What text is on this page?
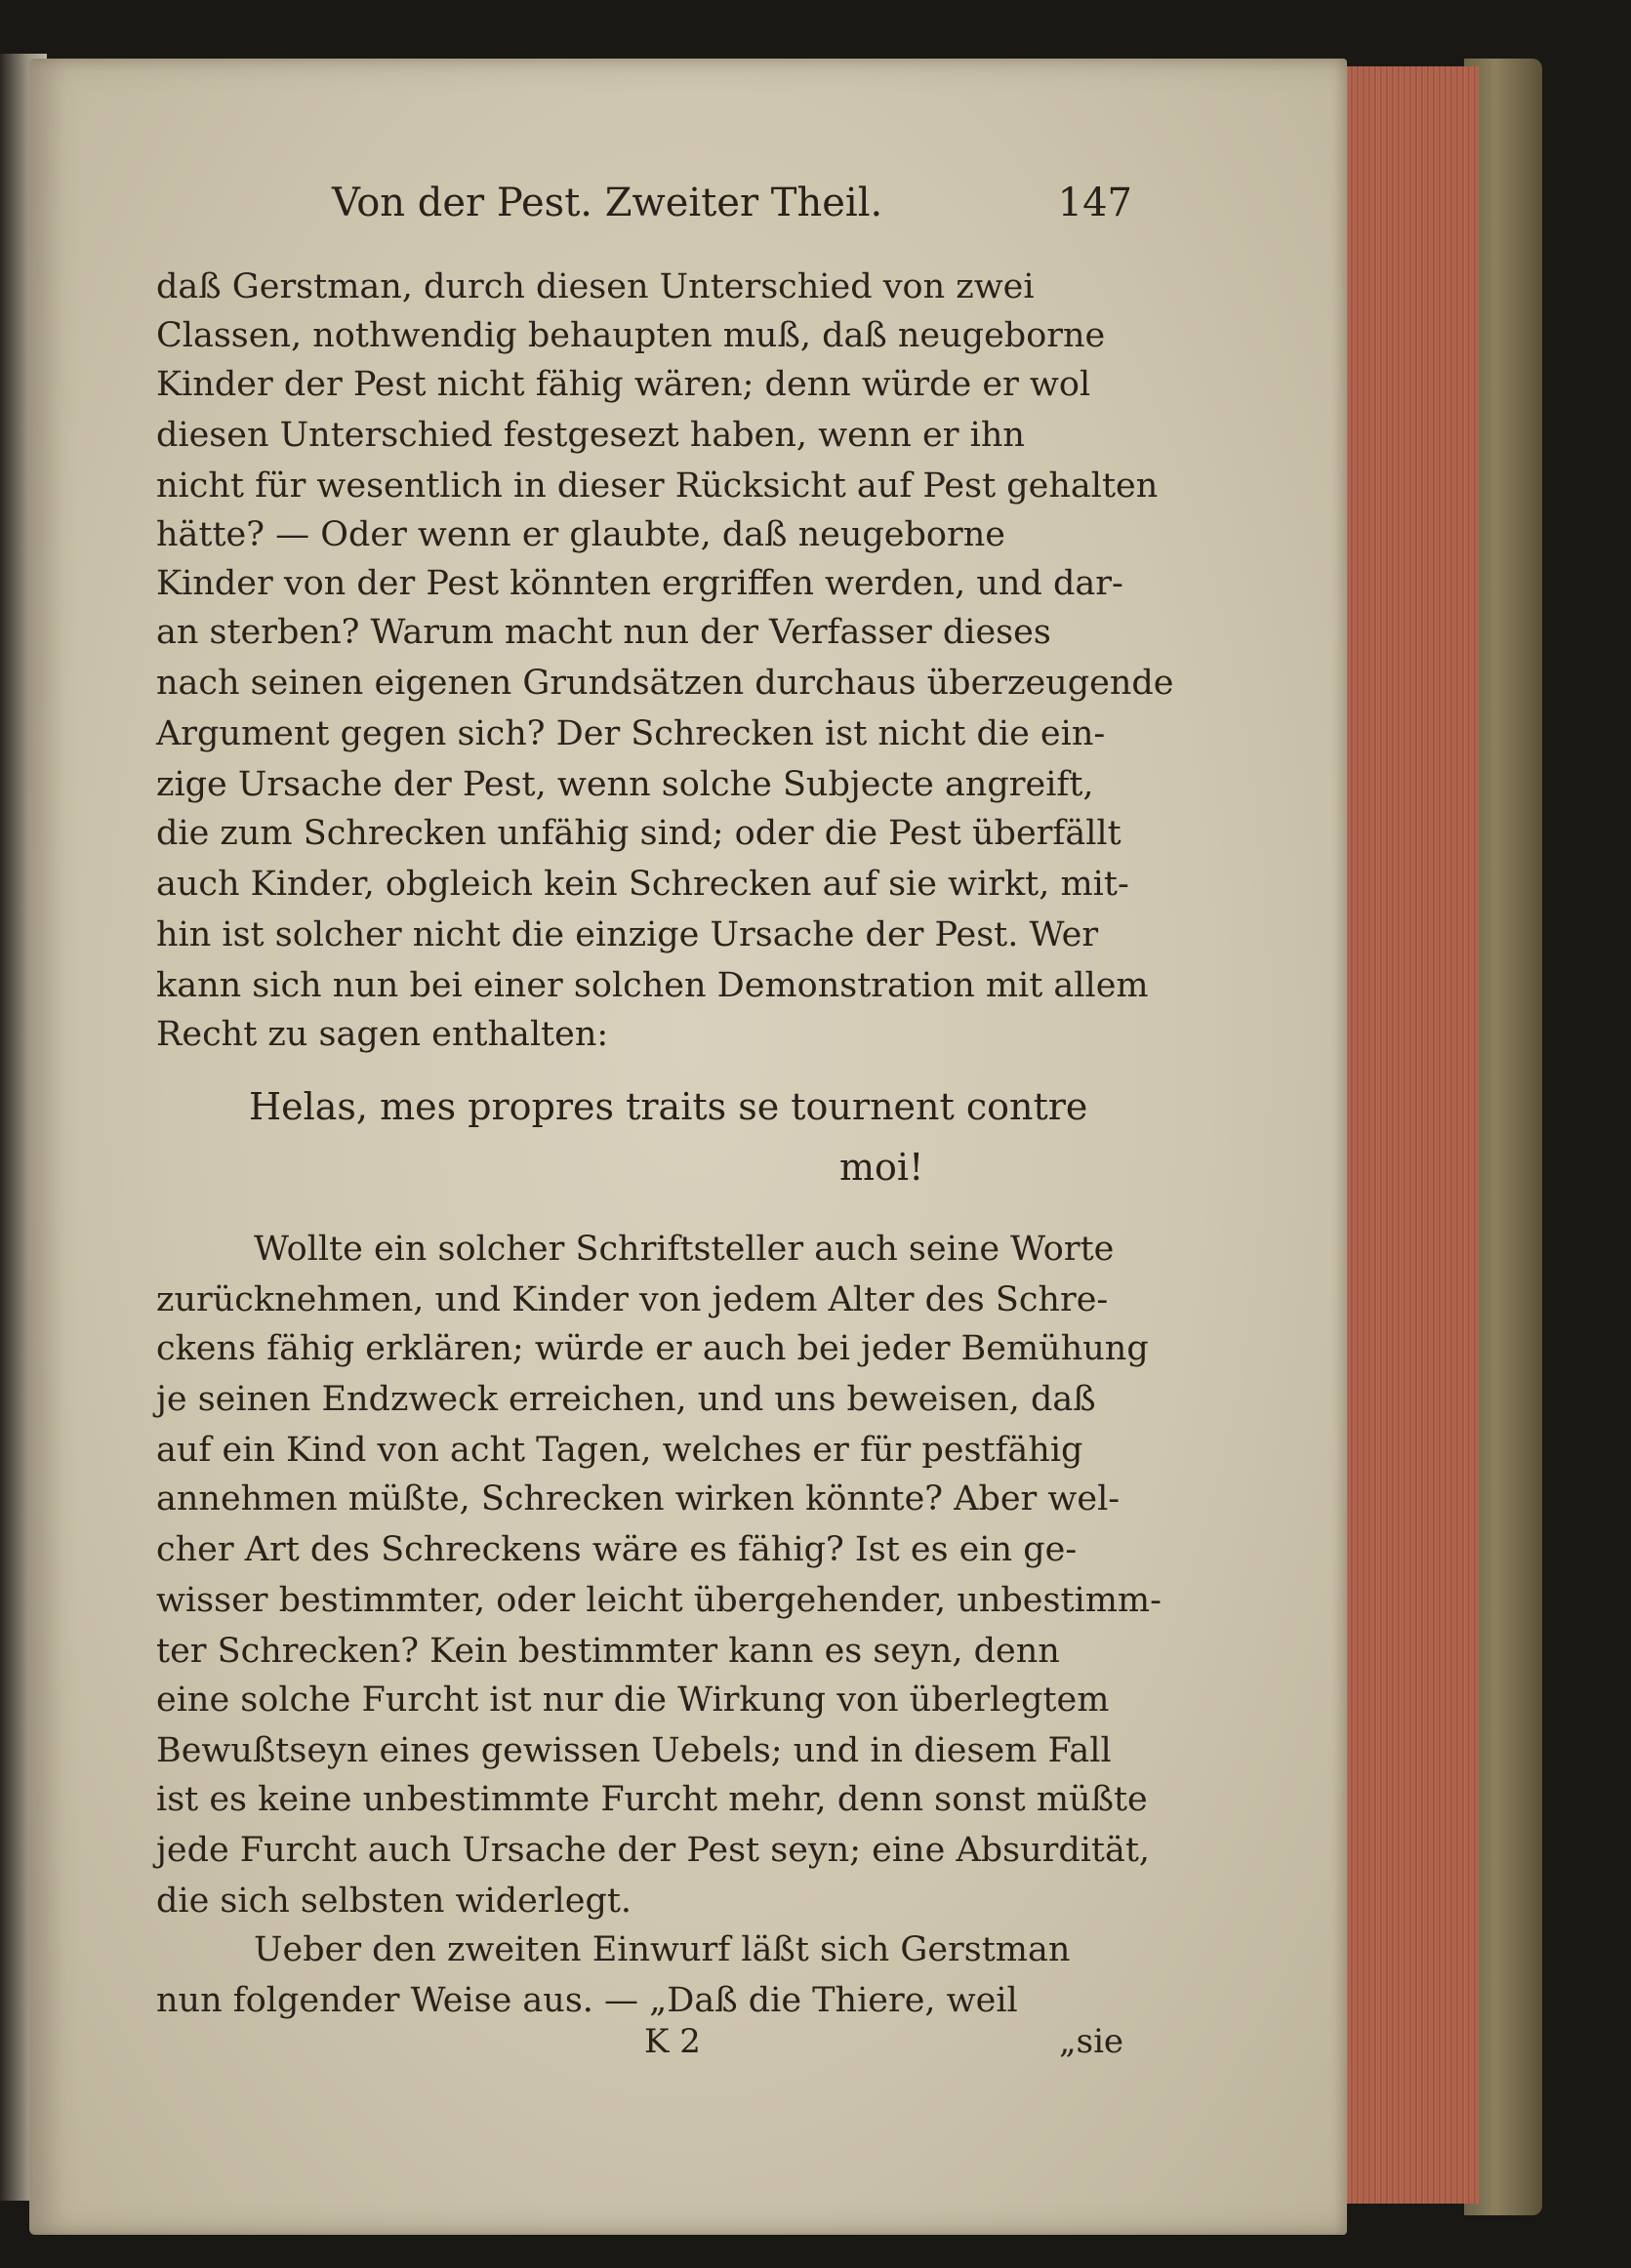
Von der Pest. Zweiter Theil.	147
daß Gerstman, durch diesen Unterschied von zwei
Classen, nothwendig behaupten muß, daß neugeborne
Kinder der Pest nicht fähig wären; denn würde er wol
diesen Unterschied festgesezt haben, wenn er ihn
nicht für wesentlich in dieser Rücksicht auf Pest gehalten
hätte? — Oder wenn er glaubte, daß neugeborne
Kinder von der Pest könnten ergriffen werden, und dar-
an sterben? Warum macht nun der Verfasser dieses
nach seinen eigenen Grundsätzen durchaus überzeugende
Argument gegen sich? Der Schrecken ist nicht die ein-
zige Ursache der Pest, wenn solche Subjecte angreift,
die zum Schrecken unfähig sind; oder die Pest überfällt
auch Kinder, obgleich kein Schrecken auf sie wirkt, mit-
hin ist solcher nicht die einzige Ursache der Pest. Wer
kann sich nun bei einer solchen Demonstration mit allem
Recht zu sagen enthalten:
Helas, mes propres traits se tournent contre
moi!
Wollte ein solcher Schriftsteller auch seine Worte
zurücknehmen, und Kinder von jedem Alter des Schre-
ckens fähig erklären; würde er auch bei jeder Bemühung
je seinen Endzweck erreichen, und uns beweisen, daß
auf ein Kind von acht Tagen, welches er für pestfähig
annehmen müßte, Schrecken wirken könnte? Aber wel-
cher Art des Schreckens wäre es fähig? Ist es ein ge-
wisser bestimmter, oder leicht übergehender, unbestimm-
ter Schrecken? Kein bestimmter kann es seyn, denn
eine solche Furcht ist nur die Wirkung von überlegtem
Bewußtseyn eines gewissen Uebels; und in diesem Fall
ist es keine unbestimmte Furcht mehr, denn sonst müßte
jede Furcht auch Ursache der Pest seyn; eine Absurdität,
die sich selbsten widerlegt.
Ueber den zweiten Einwurf läßt sich Gerstman
nun folgender Weise aus. — „Daß die Thiere, weil
K 2	„sie
